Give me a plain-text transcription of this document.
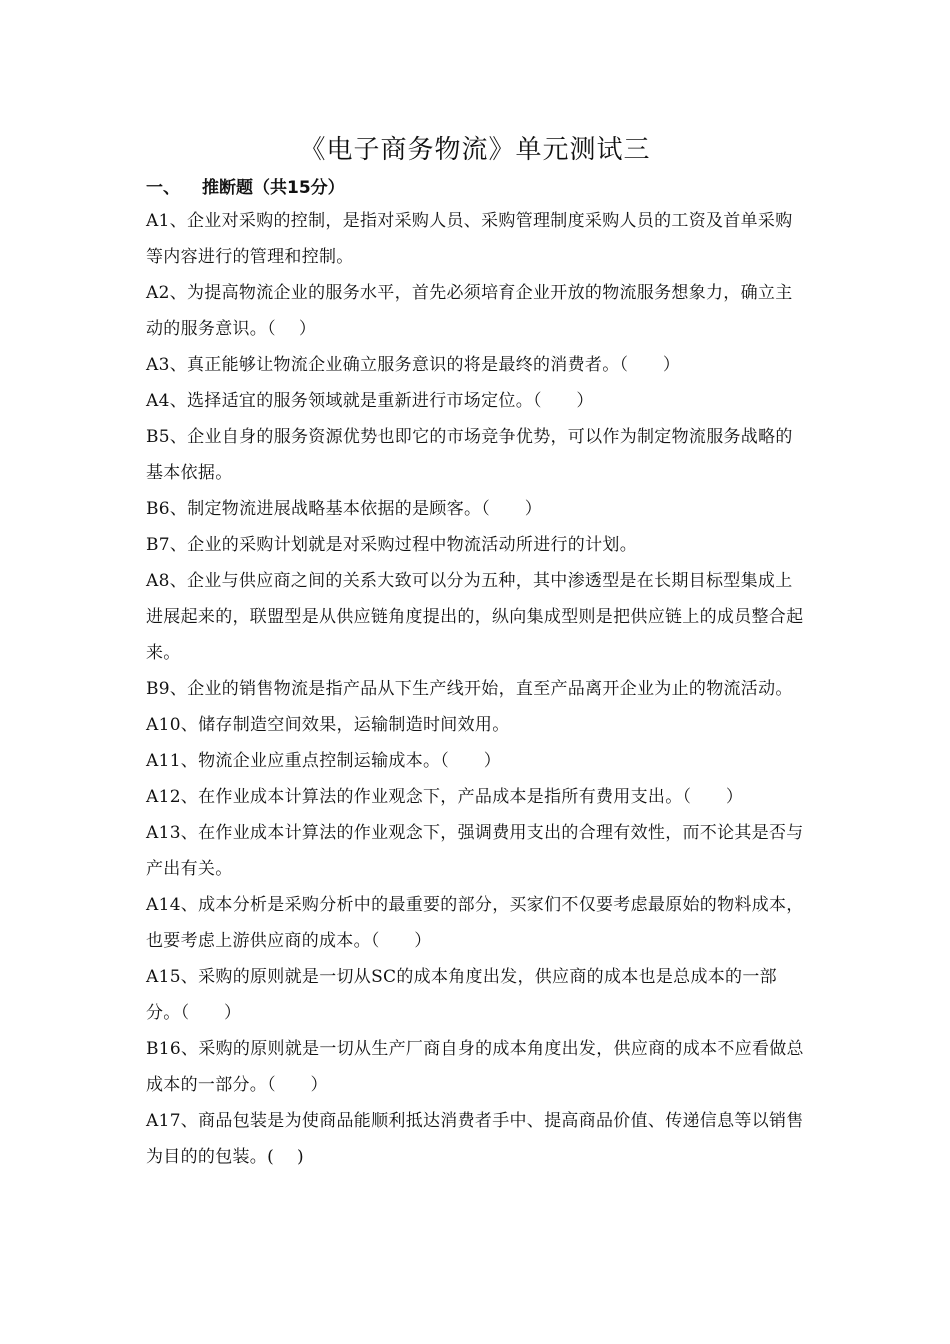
《电子商务物流》单元测试三
一、 推断题（共15分）
A1、企业对采购的控制，是指对采购人员、采购管理制度采购人员的工资及首单采购等内容进行的管理和控制。
A2、为提高物流企业的服务水平，首先必须培育企业开放的物流服务想象力，确立主动的服务意识。（　 ）
A3、真正能够让物流企业确立服务意识的将是最终的消费者。（　　）
A4、选择适宜的服务领域就是重新进行市场定位。（　　）
B5、企业自身的服务资源优势也即它的市场竞争优势，可以作为制定物流服务战略的基本依据。
B6、制定物流进展战略基本依据的是顾客。（　　）
B7、企业的采购计划就是对采购过程中物流活动所进行的计划。
A8、企业与供应商之间的关系大致可以分为五种，其中渗透型是在长期目标型集成上进展起来的，联盟型是从供应链角度提出的，纵向集成型则是把供应链上的成员整合起来。
B9、企业的销售物流是指产品从下生产线开始，直至产品离开企业为止的物流活动。
A10、储存制造空间效果，运输制造时间效用。
A11、物流企业应重点控制运输成本。（　　）
A12、在作业成本计算法的作业观念下，产品成本是指所有费用支出。（　　）
A13、在作业成本计算法的作业观念下，强调费用支出的合理有效性，而不论其是否与产出有关。
A14、成本分析是采购分析中的最重要的部分，买家们不仅要考虑最原始的物料成本，也要考虑上游供应商的成本。（　　）
A15、采购的原则就是一切从SC的成本角度出发，供应商的成本也是总成本的一部分。（　　）
B16、采购的原则就是一切从生产厂商自身的成本角度出发，供应商的成本不应看做总成本的一部分。（　　）
A17、商品包装是为使商品能顺利抵达消费者手中、提高商品价值、传递信息等以销售为目的的包装。(　 )
